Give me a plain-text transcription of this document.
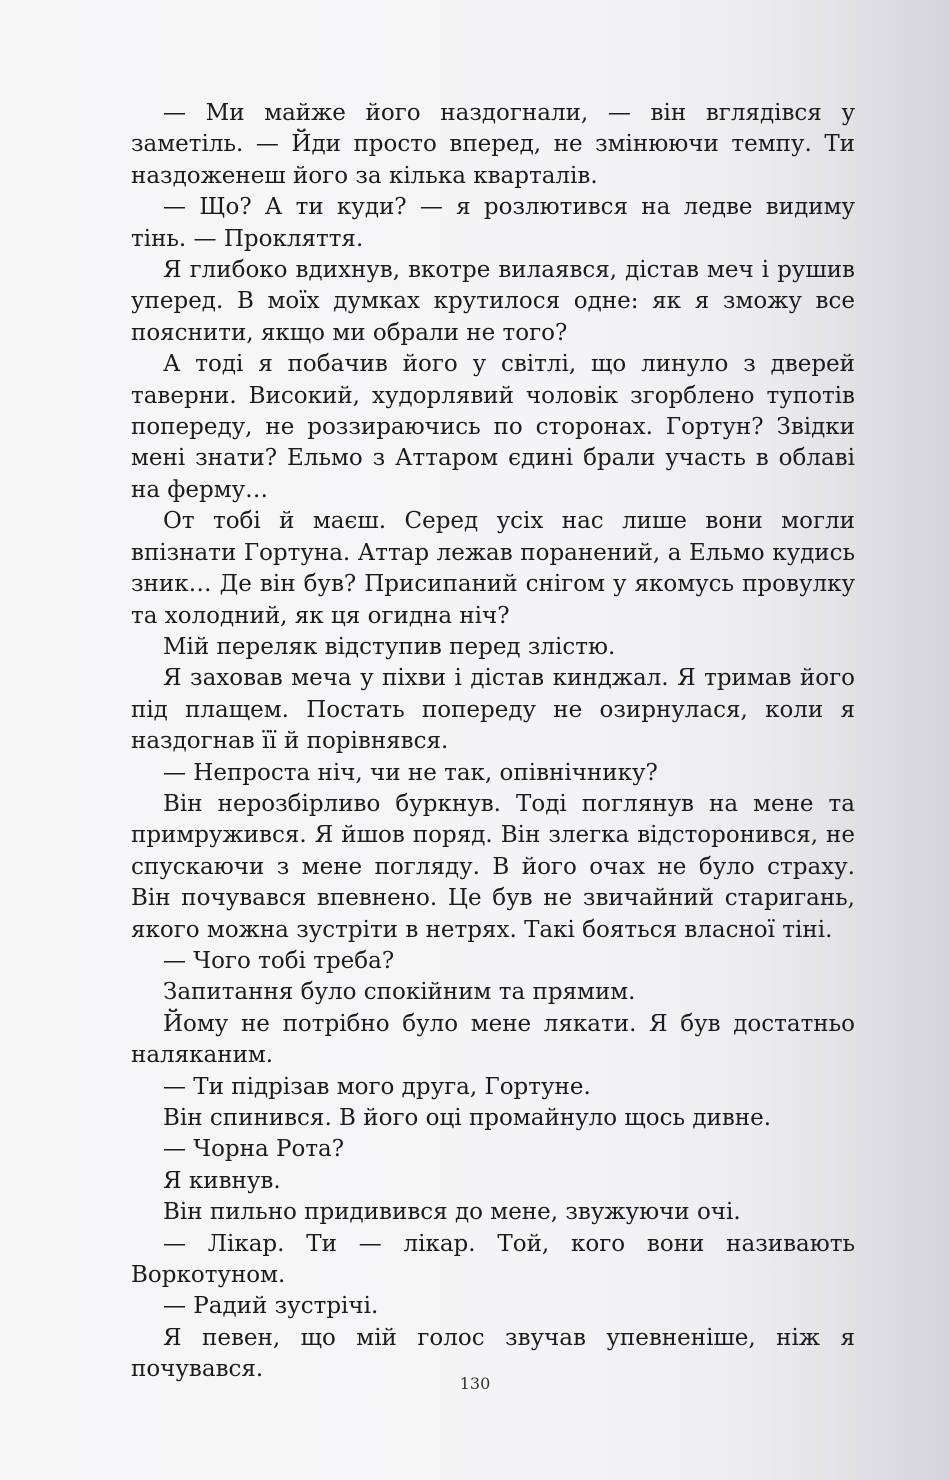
— Ми майже його наздогнали, — він вглядівся у заметіль. — Йди просто вперед, не змінюючи темпу. Ти наздоженеш його за кілька кварталів.

— Що? А ти куди? — я розлютився на ледве видиму тінь. — Прокляття.

Я глибоко вдихнув, вкотре вилаявся, дістав меч і рушив уперед. В моїх думках крутилося одне: як я зможу все пояснити, якщо ми обрали не того?

А тоді я побачив його у світлі, що линуло з дверей таверни. Високий, худорлявий чоловік згорблено тупотів попереду, не роззираючись по сторонах. Гортун? Звідки мені знати? Ельмо з Аттаром єдині брали участь в облаві на ферму…

От тобі й маєш. Серед усіх нас лише вони могли впізнати Гортуна. Аттар лежав поранений, а Ельмо кудись зник… Де він був? Присипаний снігом у якомусь провулку та холодний, як ця огидна ніч?

Мій переляк відступив перед злістю.

Я заховав меча у піхви і дістав кинджал. Я тримав його під плащем. Постать попереду не озирнулася, коли я наздогнав її й порівнявся.

— Непроста ніч, чи не так, опівнічнику?

Він нерозбірливо буркнув. Тоді поглянув на мене та примружився. Я йшов поряд. Він злегка відсторонився, не спускаючи з мене погляду. В його очах не було страху. Він почувався впевнено. Це був не звичайний старигань, якого можна зустріти в нетрях. Такі бояться власної тіні.

— Чого тобі треба?

Запитання було спокійним та прямим.

Йому не потрібно було мене лякати. Я був достатньо наляканим.

— Ти підрізав мого друга, Гортуне.

Він спинився. В його оці промайнуло щось дивне.

— Чорна Рота?

Я кивнув.

Він пильно придивився до мене, звужуючи очі.

— Лікар. Ти — лікар. Той, кого вони називають Воркотуном.

— Радий зустрічі.

Я певен, що мій голос звучав упевненіше, ніж я почувався.

130
